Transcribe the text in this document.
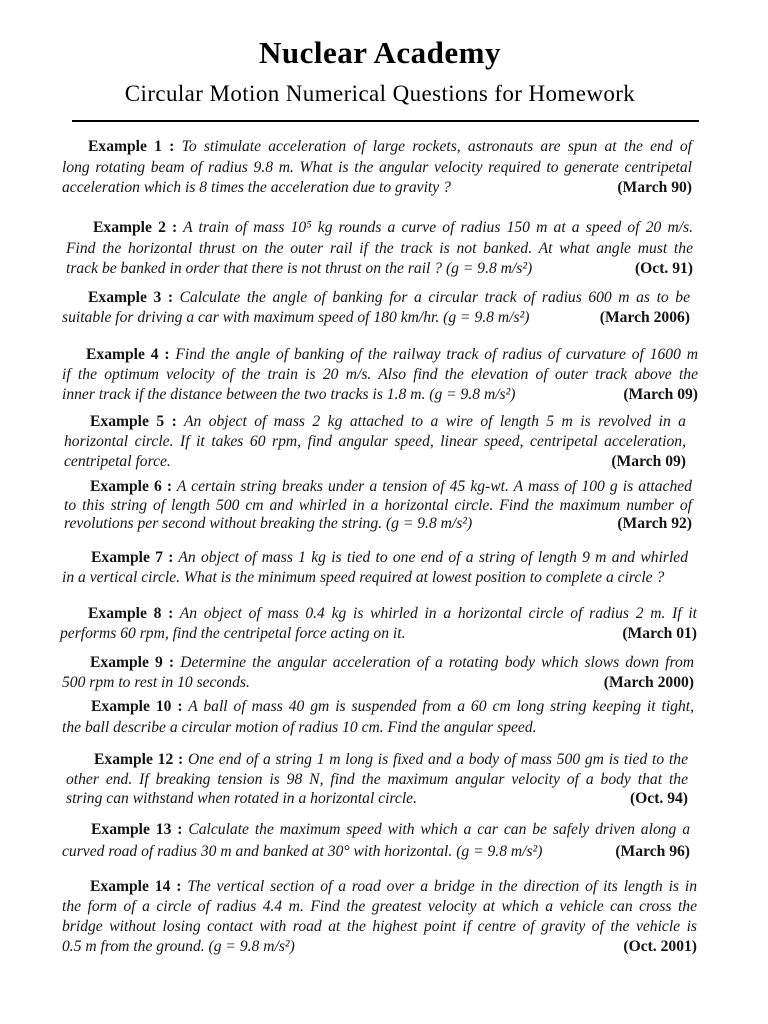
Nuclear Academy
Circular Motion Numerical Questions for Homework
Example 1 : To stimulate acceleration of large rockets, astronauts are spun at the end of
long rotating beam of radius 9.8 m. What is the angular velocity required to generate centripetal
(March 90)
acceleration which is 8 times the acceleration due to gravity ?
Example 2 : A train of mass 10⁵ kg rounds a curve of radius 150 m at a speed of 20 m/s.
Find the horizontal thrust on the outer rail if the track is not banked. At what angle must the
(Oct. 91)
track be banked in order that there is not thrust on the rail ? (g = 9.8 m/s²)
Example 3 : Calculate the angle of banking for a circular track of radius 600 m as to be
(March 2006)
suitable for driving a car with maximum speed of 180 km/hr. (g = 9.8 m/s²)
Example 4 : Find the angle of banking of the railway track of radius of curvature of 1600 m
if the optimum velocity of the train is 20 m/s. Also find the elevation of outer track above the
(March 09)
inner track if the distance between the two tracks is 1.8 m. (g = 9.8 m/s²)
Example 5 : An object of mass 2 kg attached to a wire of length 5 m is revolved in a
horizontal circle. If it takes 60 rpm, find angular speed, linear speed, centripetal acceleration,
(March 09)
centripetal force.
Example 6 : A certain string breaks under a tension of 45 kg-wt. A mass of 100 g is attached
to this string of length 500 cm and whirled in a horizontal circle. Find the maximum number of
(March 92)
revolutions per second without breaking the string. (g = 9.8 m/s²)
Example 7 : An object of mass 1 kg is tied to one end of a string of length 9 m and whirled
in a vertical circle. What is the minimum speed required at lowest position to complete a circle ?
Example 8 : An object of mass 0.4 kg is whirled in a horizontal circle of radius 2 m. If it
(March 01)
performs 60 rpm, find the centripetal force acting on it.
Example 9 : Determine the angular acceleration of a rotating body which slows down from
(March 2000)
500 rpm to rest in 10 seconds.
Example 10 : A ball of mass 40 gm is suspended from a 60 cm long string keeping it tight,
the ball describe a circular motion of radius 10 cm. Find the angular speed.
Example 12 : One end of a string 1 m long is fixed and a body of mass 500 gm is tied to the
other end. If breaking tension is 98 N, find the maximum angular velocity of a body that the
(Oct. 94)
string can withstand when rotated in a horizontal circle.
Example 13 : Calculate the maximum speed with which a car can be safely driven along a
(March 96)
curved road of radius 30 m and banked at 30° with horizontal. (g = 9.8 m/s²)
Example 14 : The vertical section of a road over a bridge in the direction of its length is in
the form of a circle of radius 4.4 m. Find the greatest velocity at which a vehicle can cross the
bridge without losing contact with road at the highest point if centre of gravity of the vehicle is
(Oct. 2001)
0.5 m from the ground. (g = 9.8 m/s²)
